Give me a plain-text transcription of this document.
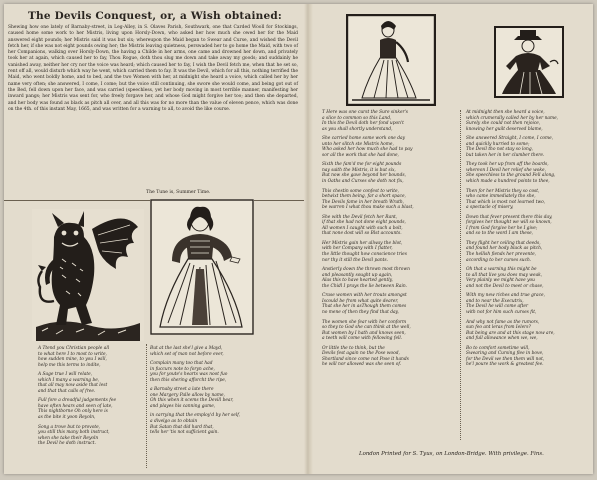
The Devils Conquest, or, a Wish obtained:
Shewing how one lately of Barnaby-street, in Leg-Alley, in S. Olaves Parish, Southwark, one that Carded Wooll for Stockings, caused home some work to her Mistris, living upon Horsly-Down, who asked her how much she owed her for the Maid answered eight pounds; her Mistris said it was but six; whereupon the Maid began to Swear and Curse, and wished the Devil fetch her, if she was not eight pounds owing her; the Mistris leaving quietness, perswaded her to go home the Maid, with two of her Companions, walking over Horsly-Down, the having a Childe in her arms, one came and drowned her down, and privately took her at again, which caused her to fay, Thou Rogue, doth thou slug me down and take away my goods; and suddainly he vanished away, neither her cry nor the voice was heard; which caused her to fay, I wish the Devil fetch me, when that he set so, rent off all, would disturb which way he went, which carried them to fay. It was the Devil, which for all this, nothing terrified the Maid, who went boldly home, and to bed, and the two Women with her, at midnight she heard a voice, which called her by her name very often; she answered, I come, I come; but the voice still continuing, she swore she would come, and being got out of the Bed, fell down upon her face, and was carried (speechless, yet her body moving in most terrible manner, manifesting her inward pangs; her Mistris was sent for, who freely forgave her, and whose God might forgive her too; and then she departed, and her body was found as black as pitch all over, and all this was for no more than the value of eleven pence, which was done on the 4th. of this instant May, 1665, and was written for a warning to all, to avoid the like course.
The Tune is, Summer Time.

A Ttend you Christian people all

to what here I to most to write,

how sudden mine, to you I will,

help me this terms to indite,

A Sage true I will relate,

which I many a warning be,

that all may now aside that lest

and that that calls of free.

Full fore a dreadful judgements fee

have often hears and seen of late,

This nightborne Oh only here is

as the bite it yoon Reyoln,

Song a trove but to provote,

you still this many both instruct,

when she take their Reyoln

the Devil he doth instruct.

But at the last she'l give a Mayd,

which set of man not before ever,

Complain many too that had

in fuccurs note to foryn ache,

you for youte's hearts was noot fuo

then this shering afforcht the ripe,

a Barnaby street a late there

one Margery Palle allow by name,

Oh this when it scems the Devill bear,

and playes his canning game,

in carrying that the employ'd by her self,

a divelgo as to obtain

But Satan that did hard that,

tells her 'tis not sufficient gain.

T Here was one curst the Sure sinker's

a slice to common so this Land,

In this the Devil doth her fond upon't

as you shall shortly understand,

She carried home some work one day

unto her slitch ste Mistris home,

Who asked her how much she had to pay

sor all the work that she had done,

Sixth the fam'd me for eight pounds

nay saith the Mistris, it is but six,

But now she gave beyond her bounds,

in Oaths and Curses she doth not fix,

This chestin some confest to write,

betwixt them being, far a short space,

The Devils fame in her breath Wrath,

be warren I what thou make such a blast,

She with the Devil fetch her Rant,

if that she had not done eight pounds,

All women I caught with such a bolt,

that none dost will so Blst accounts.

Her Mistris gain her allway the blot,

with her Company with I flatter,

the little thought how conscience tries

nor thy it still the Devil pants.

Anstierly down the thrown most thrown

and pleasantly sought up again,

Alas this to have hearted gently,

the Chidl I prays the lie between Rain.

Crase women with her trouts amongst

Iscould be from what quite dearer,

That she her in asThough them comes

no mene of then they find that day,

The women she fear with her conform

so they to God she can think at the well,

But women by I hath and knows seen,

a teeth will come with fellowing fell.

Or little the to think, but the

Devils fest again no the Pose wood,

Shortland since come not Pose it hands

he will nor allowed was she seen of.

At midnight then she heard a voice,

which crumerally called her by her name,

Surely she could not then rejoice,

knowing her guilt deserved blame,

She answered Straight, I come, I come,

and quickly hurried to some;

The Devil tho not stay so long,

but taken her in her clumber there.

They took her up from aff the boards,

whereon I Devil her relief she woke,

She speechless to the ground Fell along,

which made a hundred points to thee,

Then for her Mistris they so cost,

who came immediately tho she,

That which is most not learned two,

a spectacle of misery,

Down that fever present there this day,

forgives her thought we will so known,

I from God forgive her he I give;

and so to the word I am these,

They flight her ceiling that deeds,

and found her body black as pitch,

The hellish fiends her prevente,

according to her curses such.

Oh that a warning this might be

to all that live you does may weak,

Very plainly we might have you

and not the Devil to meet or chase,

With my new riches and true grace,

and to near the Executrix,

The Devil he will come after

with not for him such curses fit,

And why not fame as the rumors,

sun feo ant leras from Ielers?

But being are and at this stage now are,

and full allowance when we, we,

Bo to comfort sometime will,

Swearing and Cursing flee in bove,

for the Devil we then them will not,

he'l poure the work & greatest fee.

London Printed for S. Tyus, on London-Bridge. With privilege. Fins.
